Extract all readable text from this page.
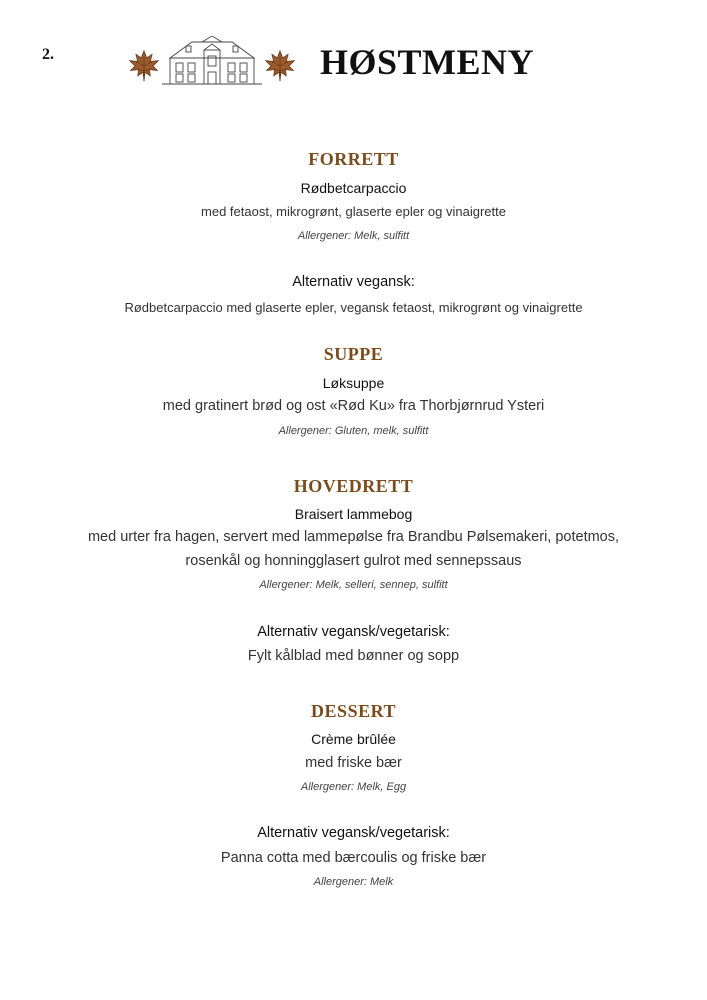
2.	HØSTMENY
FORRETT
Rødbetcarpaccio
med fetaost, mikrogrønt, glaserte epler og vinaigrette
Allergener: Melk, sulfitt
Alternativ vegansk:
Rødbetcarpaccio med glaserte epler, vegansk fetaost, mikrogrønt og vinaigrette
SUPPE
Løksuppe
med gratinert brød og ost «Rød Ku» fra Thorbjørnrud Ysteri
Allergener: Gluten, melk, sulfitt
HOVEDRETT
Braisert lammebog
med urter fra hagen, servert med lammepølse fra Brandbu Pølsemakeri, potetmos,
rosenkål og honningglasert gulrot med sennepssaus
Allergener: Melk, selleri, sennep, sulfitt
Alternativ vegansk/vegetarisk:
Fylt kålblad med bønner og sopp
DESSERT
Crème brûlée
med friske bær
Allergener: Melk, Egg
Alternativ vegansk/vegetarisk:
Panna cotta med bærcoulis og friske bær
Allergener: Melk
